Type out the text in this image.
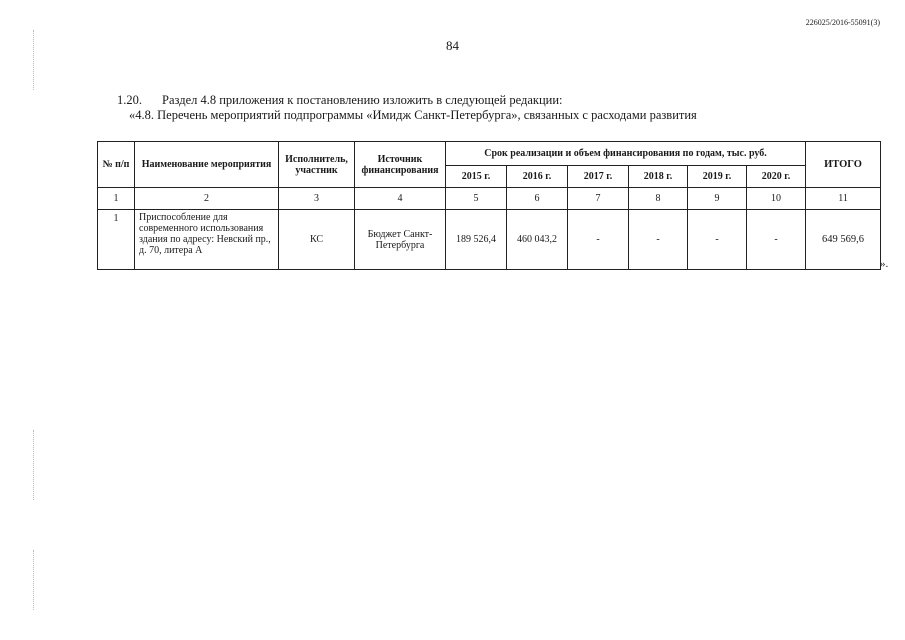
226025/2016-55091(3)
84
1.20. Раздел 4.8 приложения к постановлению изложить в следующей редакции:
«4.8. Перечень мероприятий подпрограммы «Имидж Санкт-Петербурга», связанных с расходами развития
№ п/п	Наименование мероприятия	Исполнитель, участник	Источник финансирования	Срок реализации и объем финансирования по годам, тыс. руб.						ИТОГО
				2015 г.	2016 г.	2017 г.	2018 г.	2019 г.	2020 г.	
1	2	3	4	5	6	7	8	9	10	11
1	Приспособление для современного использования здания по адресу: Невский пр., д. 70, литера А	КС	Бюджет Санкт-Петербурга	189 526,4	460 043,2	-	-	-	-	649 569,6
».
